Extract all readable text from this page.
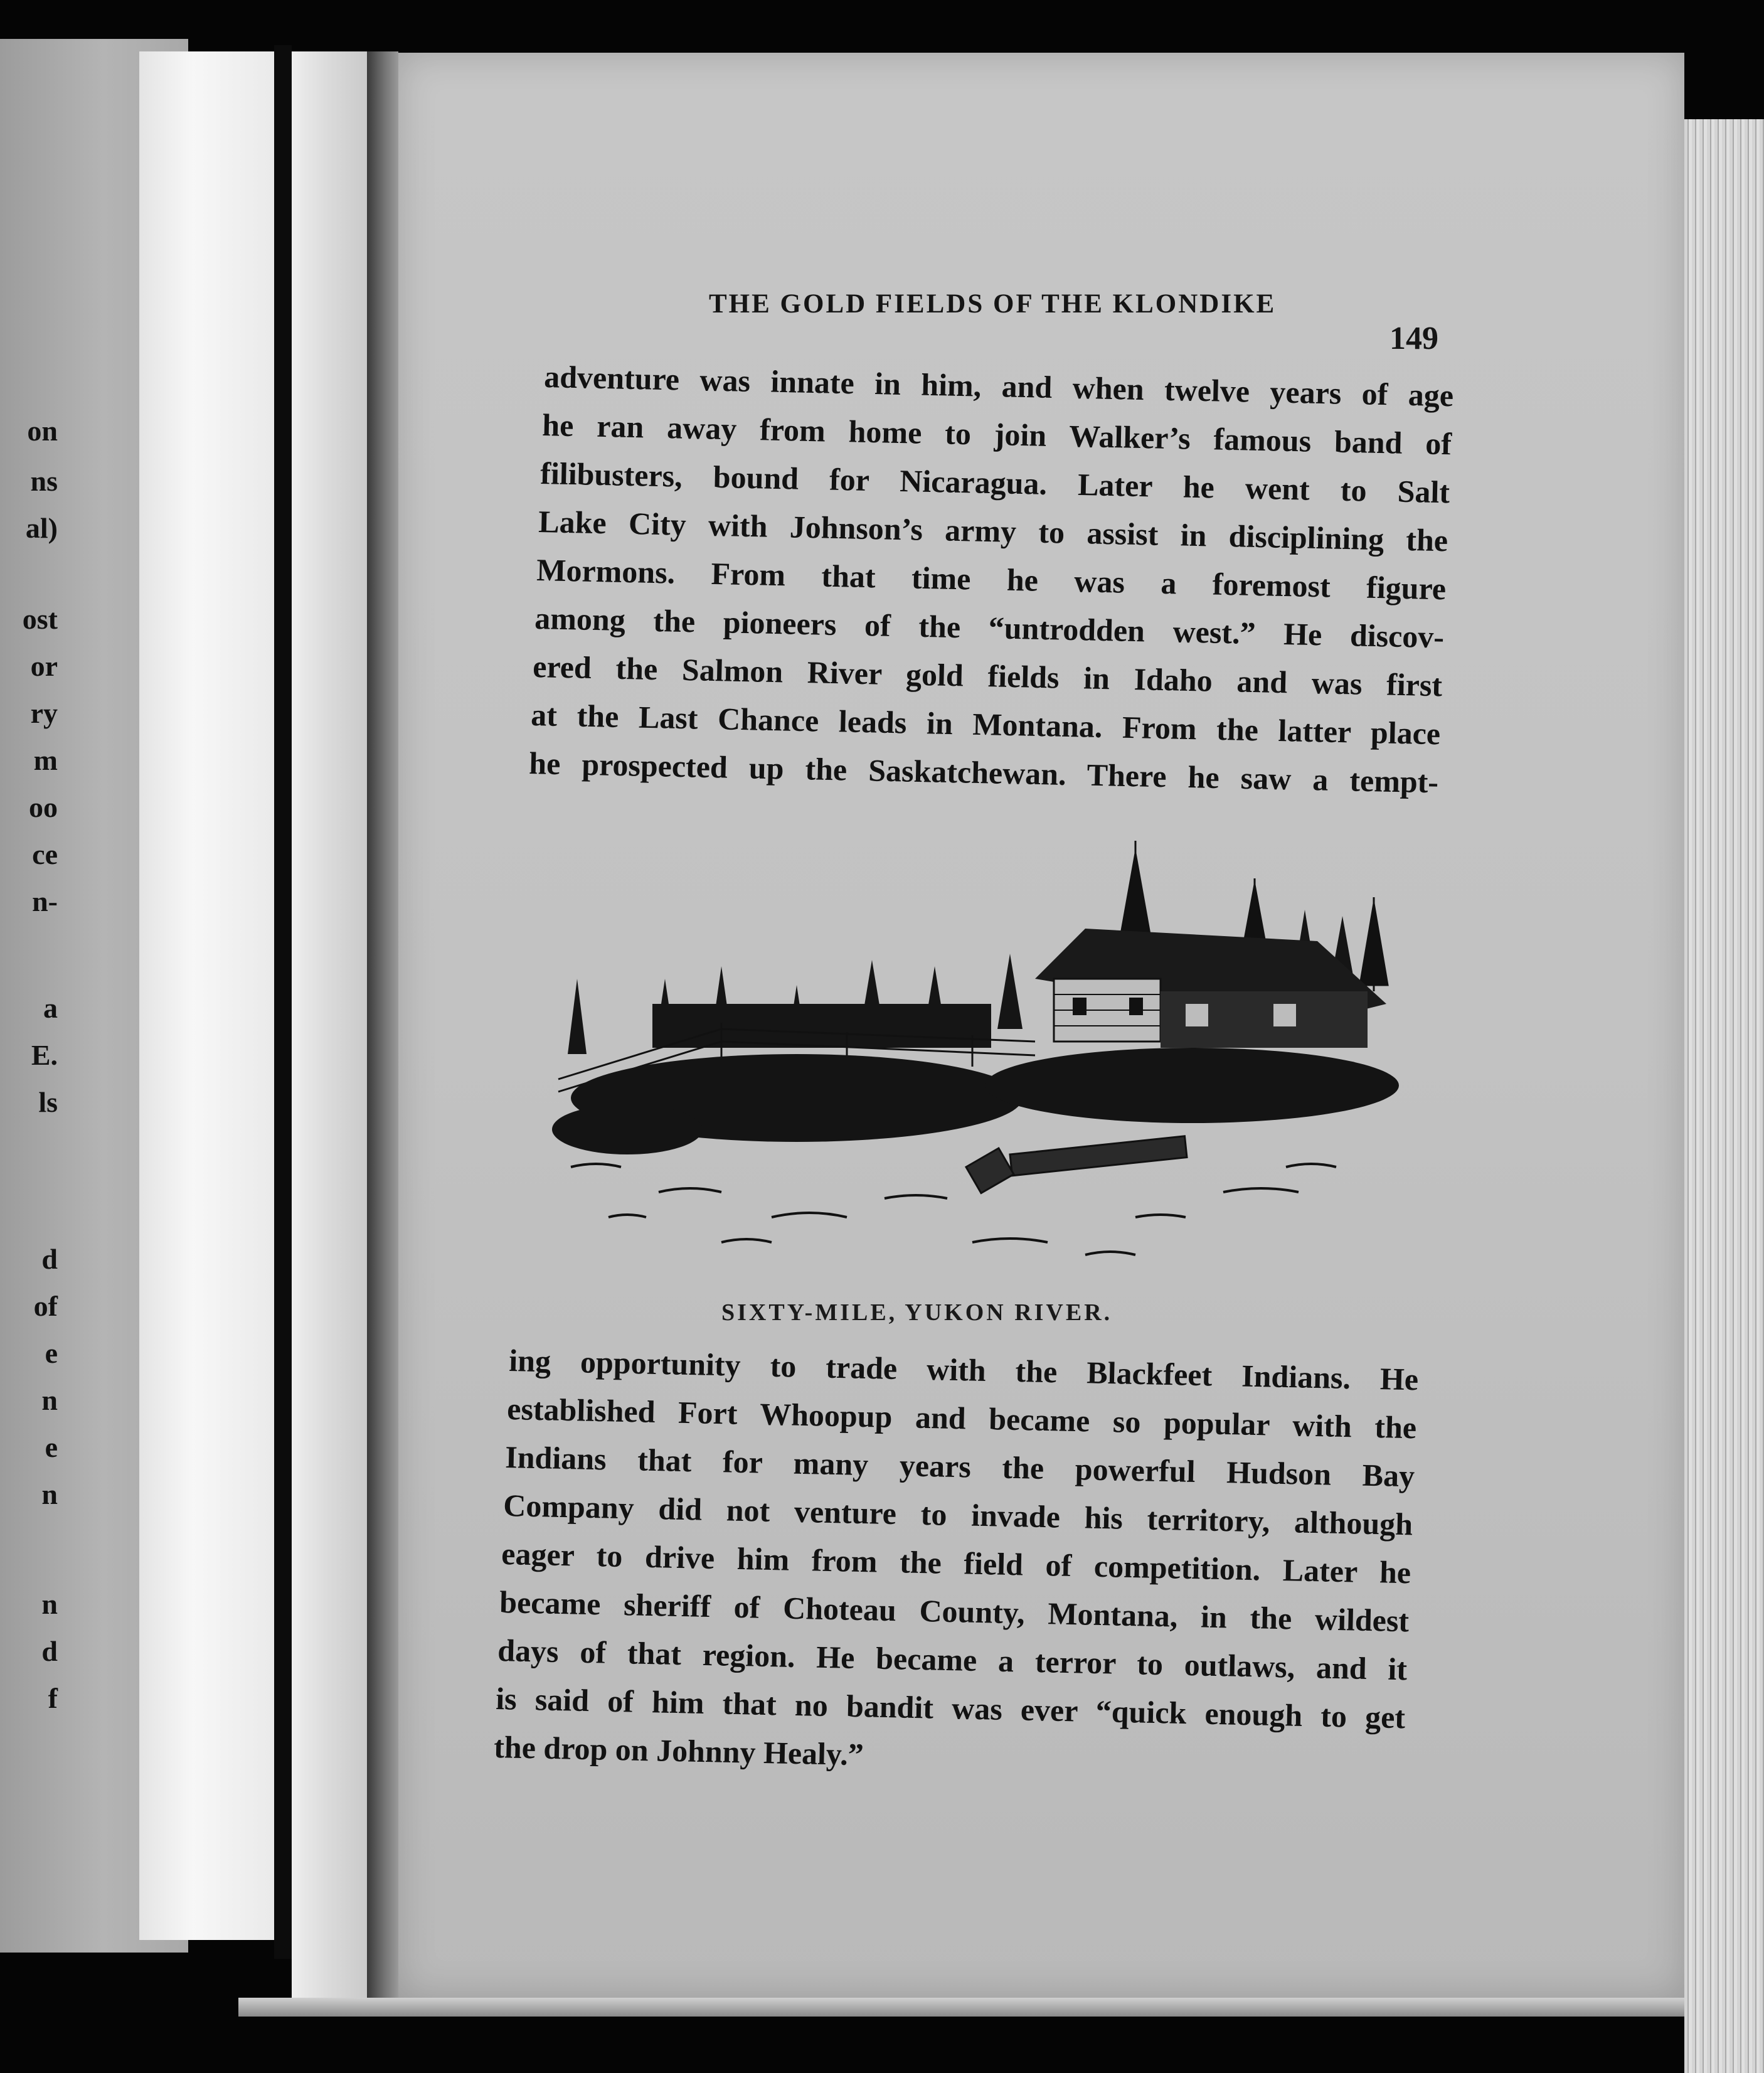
on
ns
al)
ost
or
ry
m
oo
ce
n-
a
E.
ls
d
of
e
n
e
n
n
d
f
THE GOLD FIELDS OF THE KLONDIKE
149
adventure was innate in him, and when twelve years of age
he ran away from home to join Walker’s famous band of
filibusters, bound for Nicaragua. Later he went to Salt
Lake City with Johnson’s army to assist in disciplining the
Mormons. From that time he was a foremost figure
among the pioneers of the “untrodden west.” He discov-
ered the Salmon River gold fields in Idaho and was first
at the Last Chance leads in Montana. From the latter place
he prospected up the Saskatchewan. There he saw a tempt-
SIXTY-MILE, YUKON RIVER.
ing opportunity to trade with the Blackfeet Indians. He
established Fort Whoopup and became so popular with the
Indians that for many years the powerful Hudson Bay
Company did not venture to invade his territory, although
eager to drive him from the field of competition. Later he
became sheriff of Choteau County, Montana, in the wildest
days of that region. He became a terror to outlaws, and it
is said of him that no bandit was ever “quick enough to get
the drop on Johnny Healy.”
